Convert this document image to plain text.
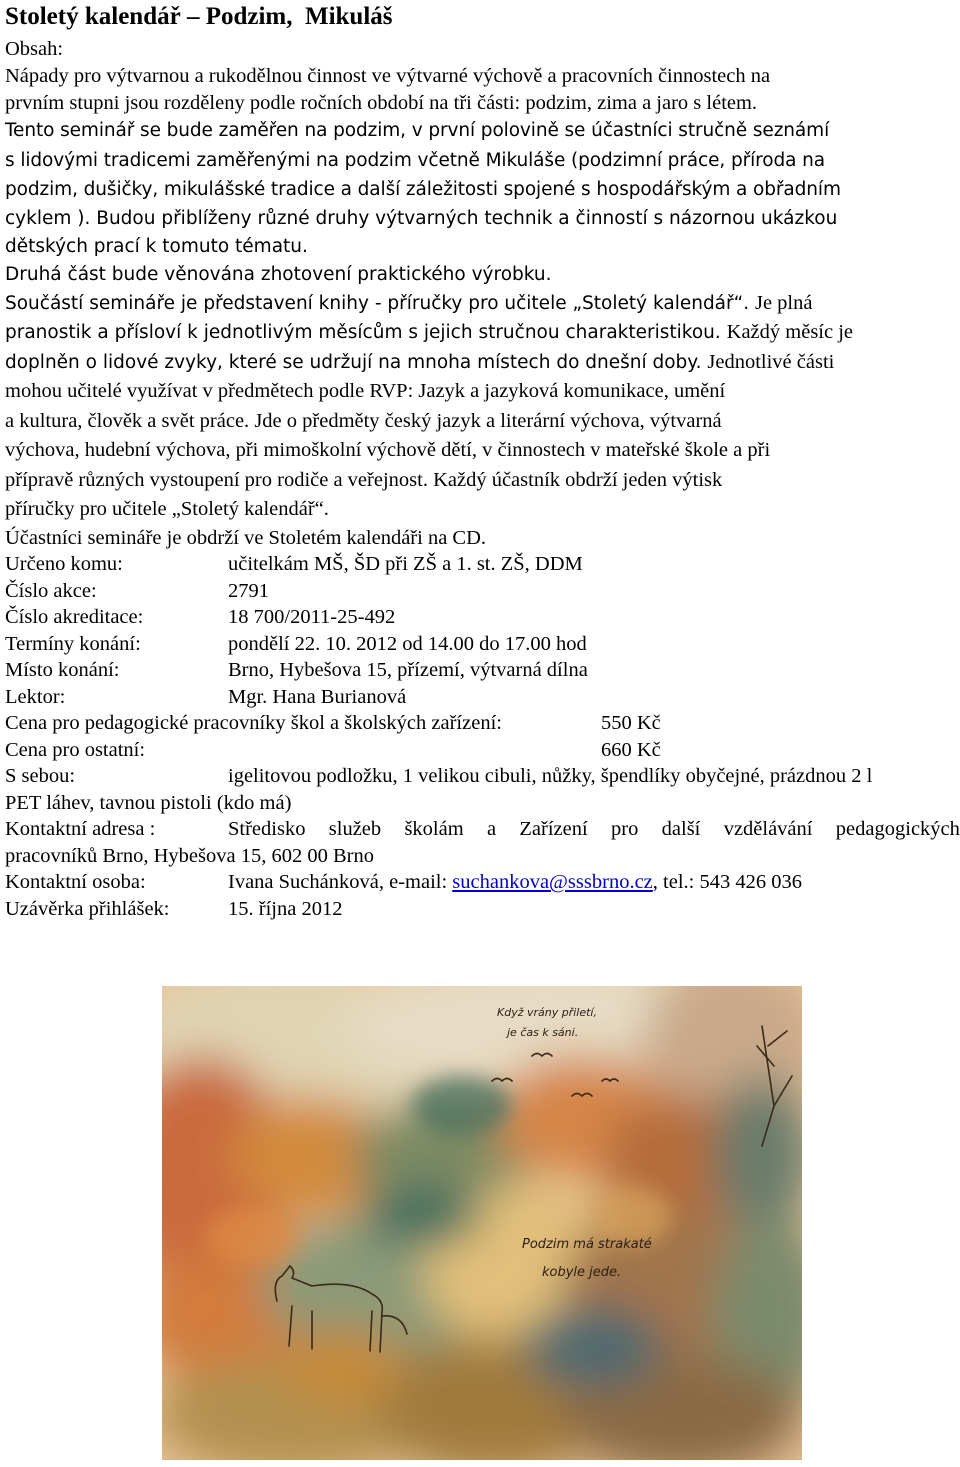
Stoletý kalendář – Podzim,  Mikuláš
Obsah:
Nápady pro výtvarnou a rukodělnou činnost ve výtvarné výchově a pracovních činnostech na
prvním stupni jsou rozděleny podle ročních období na tři části: podzim, zima a jaro s létem.
Tento seminář se bude zaměřen na podzim, v první polovině se účastníci stručně seznámí
s lidovými tradicemi zaměřenými na podzim včetně Mikuláše (podzimní práce, příroda na
podzim, dušičky, mikulášské tradice a další záležitosti spojené s hospodářským a obřadním
cyklem ). Budou přiblíženy různé druhy výtvarných technik a činností s názornou ukázkou
dětských prací k tomuto tématu.
Druhá část bude věnována zhotovení praktického výrobku.
Součástí semináře je představení knihy - příručky pro učitele „Stoletý kalendář“. Je plná
pranostik a přísloví k jednotlivým měsícům s jejich stručnou charakteristikou. Každý měsíc je
doplněn o lidové zvyky, které se udržují na mnoha místech do dnešní doby. Jednotlivé části
mohou učitelé využívat v předmětech podle RVP: Jazyk a jazyková komunikace, umění
a kultura, člověk a svět práce. Jde o předměty český jazyk a literární výchova, výtvarná
výchova, hudební výchova, při mimoškolní výchově dětí, v činnostech v mateřské škole a při
přípravě různých vystoupení pro rodiče a veřejnost. Každý účastník obdrží jeden výtisk
příručky pro učitele „Stoletý kalendář“.
Účastníci semináře je obdrží ve Stoletém kalendáři na CD.
Určeno komu:	učitelkám MŠ, ŠD při ZŠ a 1. st. ZŠ, DDM
Číslo akce:	2791
Číslo akreditace:	18 700/2011-25-492
Termíny konání:	pondělí 22. 10. 2012 od 14.00 do 17.00 hod
Místo konání:	Brno, Hybešova 15, přízemí, výtvarná dílna
Lektor:	Mgr. Hana Burianová
Cena pro pedagogické pracovníky škol a školských zařízení:	550 Kč
Cena pro ostatní:	660 Kč
S sebou:	igelitovou podložku, 1 velikou cibuli, nůžky, špendlíky obyčejné, prázdnou 2 l
PET láhev, tavnou pistoli (kdo má)
Kontaktní adresa :	Středisko služeb školám a Zařízení pro další vzdělávání pedagogických
pracovníků Brno, Hybešova 15, 602 00 Brno
Kontaktní osoba:	Ivana Suchánková, e-mail: suchankova@sssbrno.cz, tel.: 543 426 036
Uzávěrka přihlášek:	15. října 2012
Když vrány přiletí,
je čas k sáni.
Podzim má strakaté
kobyle jede.
